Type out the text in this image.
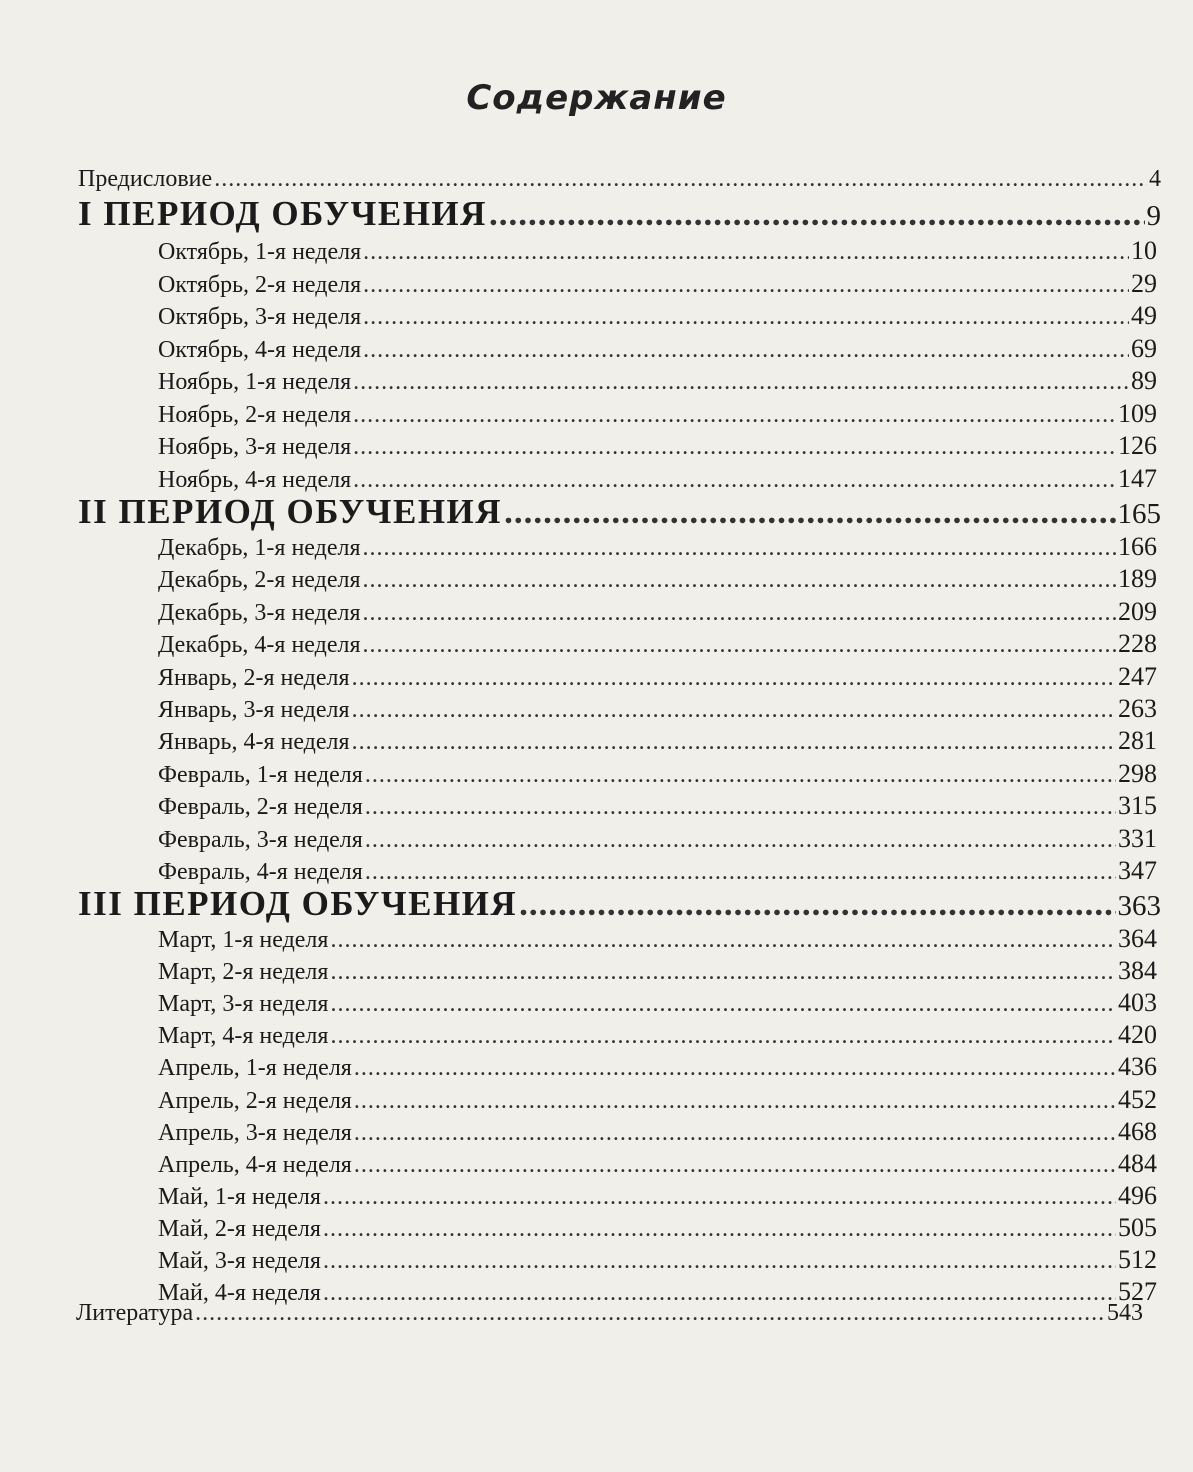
Содержание
Предисловие .....	4
I ПЕРИОД ОБУЧЕНИЯ .....	9
Октябрь, 1-я неделя .....	10
Октябрь, 2-я неделя .....	29
Октябрь, 3-я неделя .....	49
Октябрь, 4-я неделя .....	69
Ноябрь, 1-я неделя .....	89
Ноябрь, 2-я неделя .....	109
Ноябрь, 3-я неделя .....	126
Ноябрь, 4-я неделя .....	147
II ПЕРИОД ОБУЧЕНИЯ .....	165
Декабрь, 1-я неделя .....	166
Декабрь, 2-я неделя .....	189
Декабрь, 3-я неделя .....	209
Декабрь, 4-я неделя .....	228
Январь, 2-я неделя .....	247
Январь, 3-я неделя .....	263
Январь, 4-я неделя .....	281
Февраль, 1-я неделя .....	298
Февраль, 2-я неделя .....	315
Февраль, 3-я неделя .....	331
Февраль, 4-я неделя .....	347
III ПЕРИОД ОБУЧЕНИЯ .....	363
Март, 1-я неделя .....	364
Март, 2-я неделя .....	384
Март, 3-я неделя .....	403
Март, 4-я неделя .....	420
Апрель, 1-я неделя .....	436
Апрель, 2-я неделя .....	452
Апрель, 3-я неделя .....	468
Апрель, 4-я неделя .....	484
Май, 1-я неделя .....	496
Май, 2-я неделя .....	505
Май, 3-я неделя .....	512
Май, 4-я неделя .....	527
Литература .....	543
